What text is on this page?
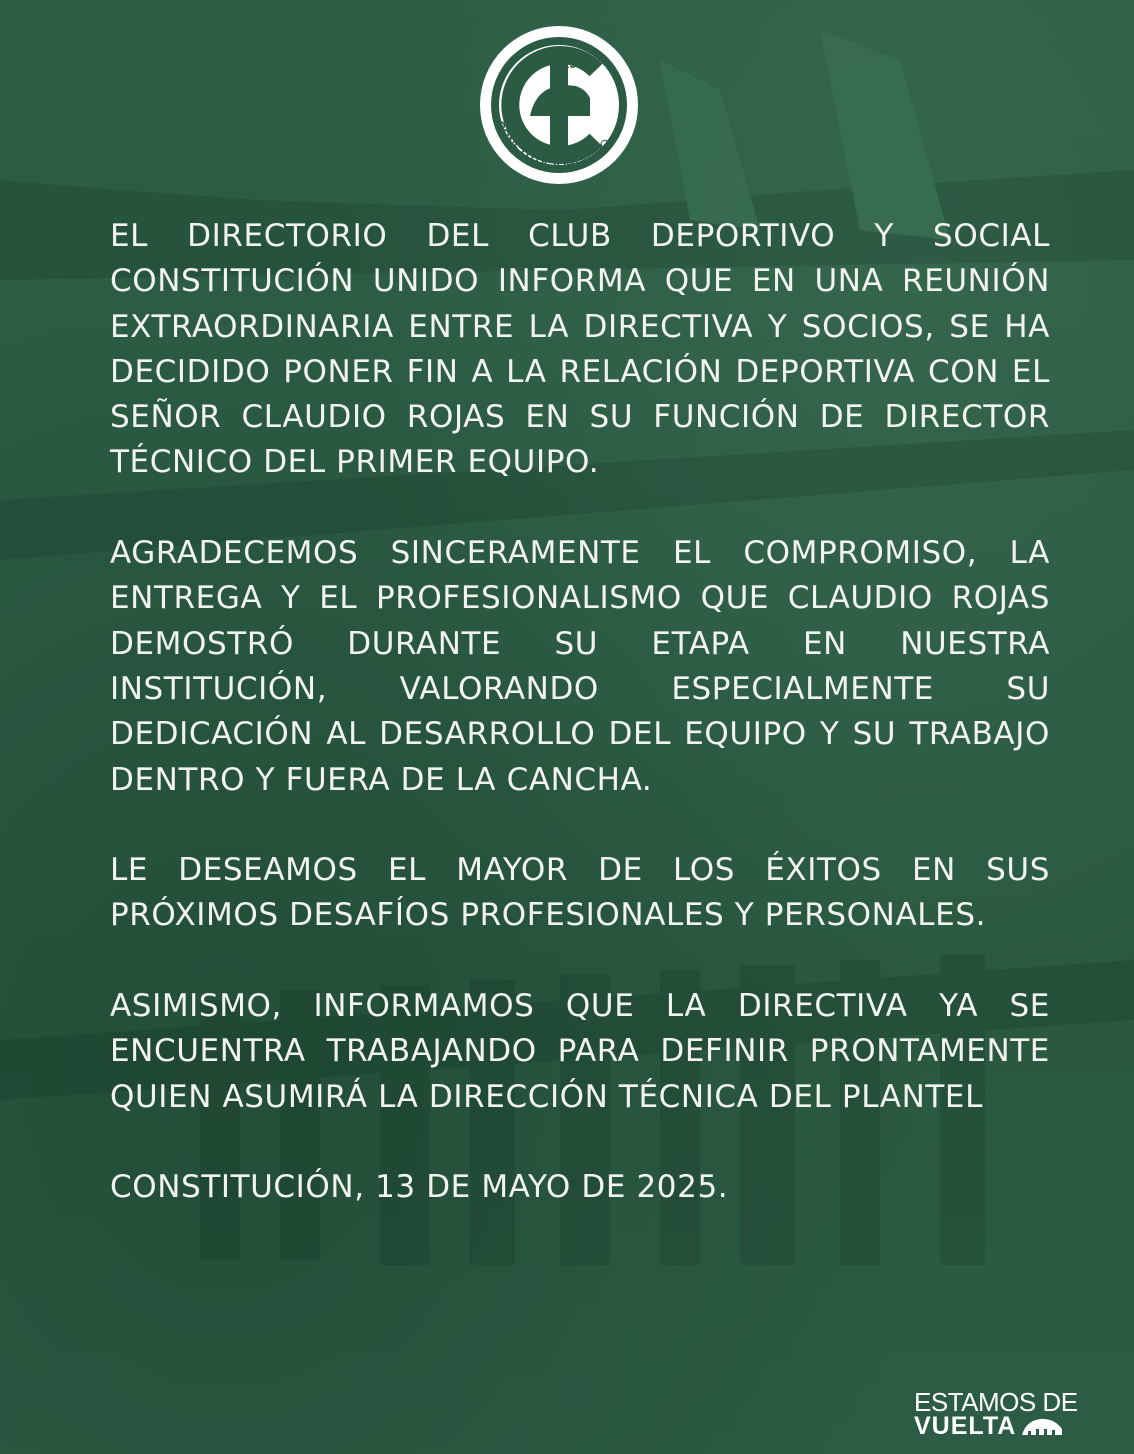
1998
CONSTITUCIÓNUNIDO

EL DIRECTORIO DEL CLUB DEPORTIVO Y SOCIAL CONSTITUCIÓN UNIDO INFORMA QUE EN UNA REUNIÓN EXTRAORDINARIA ENTRE LA DIRECTIVA Y SOCIOS, SE HA DECIDIDO PONER FIN A LA RELACIÓN DEPORTIVA CON EL SEÑOR CLAUDIO ROJAS EN SU FUNCIÓN DE DIRECTOR TÉCNICO DEL PRIMER EQUIPO.

AGRADECEMOS SINCERAMENTE EL COMPROMISO, LA ENTREGA Y EL PROFESIONALISMO QUE CLAUDIO ROJAS DEMOSTRÓ DURANTE SU ETAPA EN NUESTRA INSTITUCIÓN, VALORANDO ESPECIALMENTE SU DEDICACIÓN AL DESARROLLO DEL EQUIPO Y SU TRABAJO DENTRO Y FUERA DE LA CANCHA.

LE DESEAMOS EL MAYOR DE LOS ÉXITOS EN SUS PRÓXIMOS DESAFÍOS PROFESIONALES Y PERSONALES.

ASIMISMO, INFORMAMOS QUE LA DIRECTIVA YA SE ENCUENTRA TRABAJANDO PARA DEFINIR PRONTAMENTE QUIEN ASUMIRÁ LA DIRECCIÓN TÉCNICA DEL PLANTEL

CONSTITUCIÓN, 13 DE MAYO DE 2025.

ESTAMOS DE
VUELTA
